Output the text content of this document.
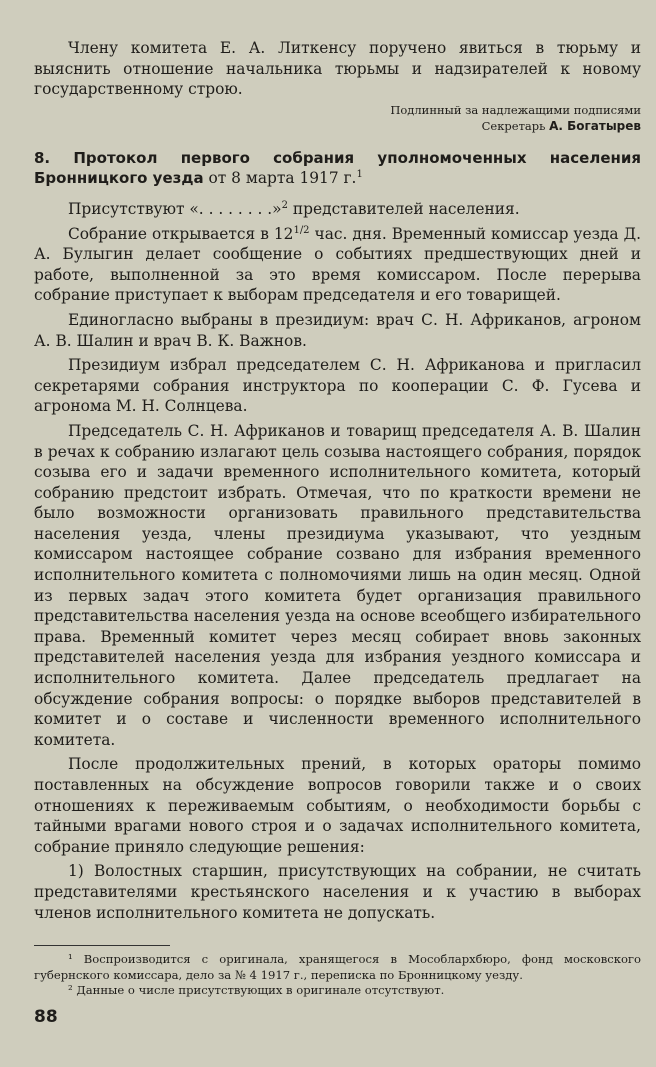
Члену комитета Е. А. Литкенсу поручено явиться в тюрьму и выяснить отношение начальника тюрьмы и надзирателей к новому государственному строю.

Подлинный за надлежащими подписями
Секретарь А. Богатырев
8. Протокол первого собрания уполномоченных населения Бронницкого уезда от 8 марта 1917 г.$^1$

Присутствуют «. . . . . . . .»$^2$ представителей населения.

Собрание открывается в $12^{1/2}$ час. дня. Временный комиссар уезда Д. А. Булыгин делает сообщение о событиях предшествующих дней и работе, выполненной за это время комиссаром. После перерыва собрание приступает к выборам председателя и его товарищей.

Единогласно выбраны в президиум: врач С. Н. Африканов, агроном А. В. Шалин и врач В. К. Важнов.

Президиум избрал председателем С. Н. Африканова и пригласил секретарями собрания инструктора по кооперации С. Ф. Гусева и агронома М. Н. Солнцева.

Председатель С. Н. Африканов и товарищ председателя А. В. Шалин в речах к собранию излагают цель созыва настоящего собрания, порядок созыва его и задачи временного исполнительного комитета, который собранию предстоит избрать. Отмечая, что по краткости времени не было возможности организовать правильного представительства населения уезда, члены президиума указывают, что уездным комиссаром настоящее собрание созвано для избрания временного исполнительного комитета с полномочиями лишь на один месяц. Одной из первых задач этого комитета будет организация правильного представительства населения уезда на основе всеобщего избирательного права. Временный комитет через месяц собирает вновь законных представителей населения уезда для избрания уездного комиссара и исполнительного комитета. Далее председатель предлагает на обсуждение собрания вопросы: о порядке выборов представителей в комитет и о составе и численности временного исполнительного комитета.

После продолжительных прений, в которых ораторы помимо поставленных на обсуждение вопросов говорили также и о своих отношениях к переживаемым событиям, о необходимости борьбы с тайными врагами нового строя и о задачах исполнительного комитета, собрание приняло следующие решения:

1) Волостных старшин, присутствующих на собрании, не считать представителями крестьянского населения и к участию в выборах членов исполнительного комитета не допускать.

¹ Воспроизводится с оригинала, хранящегося в Мособлархбюро, фонд московского губернского комиссара, дело за № 4 1917 г., переписка по Бронницкому уезду.

² Данные о числе присутствующих в оригинале отсутствуют.

88
